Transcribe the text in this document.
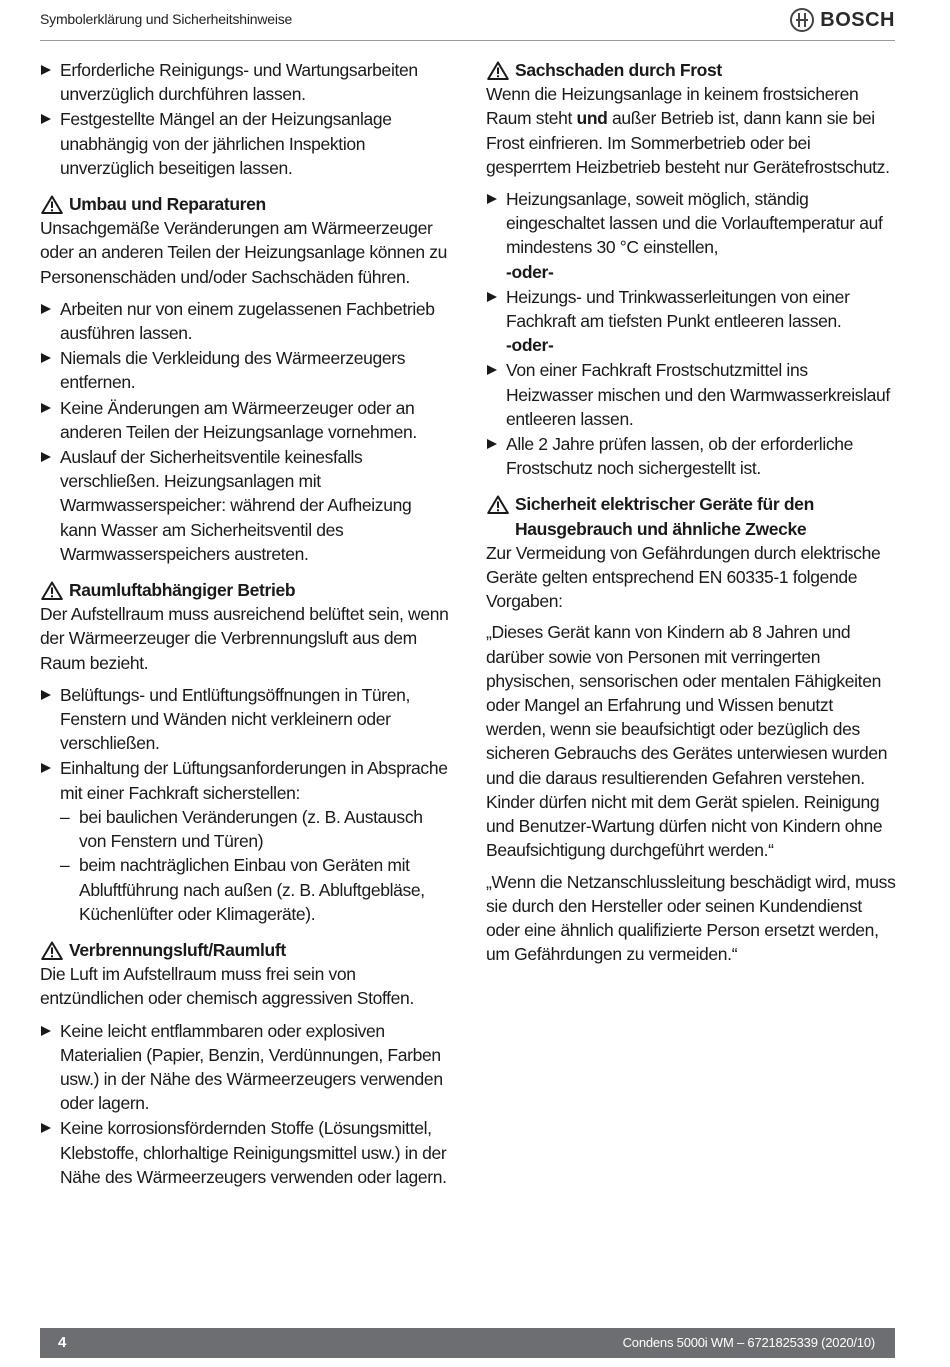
Symbolerklärung und Sicherheitshinweise	BOSCH
Erforderliche Reinigungs- und Wartungsarbeiten unverzüglich durchführen lassen.
Festgestellte Mängel an der Heizungsanlage unabhängig von der jährlichen Inspektion unverzüglich beseitigen lassen.

Umbau und Reparaturen

Unsachgemäße Veränderungen am Wärmeerzeuger oder an anderen Teilen der Heizungsanlage können zu Personenschäden und/oder Sachschäden führen.

Arbeiten nur von einem zugelassenen Fachbetrieb ausführen lassen.
Niemals die Verkleidung des Wärmeerzeugers entfernen.
Keine Änderungen am Wärmeerzeuger oder an anderen Teilen der Heizungsanlage vornehmen.
Auslauf der Sicherheitsventile keinesfalls verschließen. Heizungsanlagen mit Warmwasserspeicher: während der Aufheizung kann Wasser am Sicherheitsventil des Warmwasserspeichers austreten.

Raumluftabhängiger Betrieb

Der Aufstellraum muss ausreichend belüftet sein, wenn der Wärmeerzeuger die Verbrennungsluft aus dem Raum bezieht.

Belüftungs- und Entlüftungsöffnungen in Türen, Fenstern und Wänden nicht verkleinern oder verschließen.
Einhaltung der Lüftungsanforderungen in Absprache mit einer Fachkraft sicherstellen:
– bei baulichen Veränderungen (z. B. Austausch von Fenstern und Türen)
– beim nachträglichen Einbau von Geräten mit Abluftführung nach außen (z. B. Abluftgebläse, Küchenlüfter oder Klimageräte).

Verbrennungsluft/Raumluft

Die Luft im Aufstellraum muss frei sein von entzündlichen oder chemisch aggressiven Stoffen.

Keine leicht entflammbaren oder explosiven Materialien (Papier, Benzin, Verdünnungen, Farben usw.) in der Nähe des Wärmeerzeugers verwenden oder lagern.
Keine korrosionsfördernden Stoffe (Lösungsmittel, Klebstoffe, chlorhaltige Reinigungsmittel usw.) in der Nähe des Wärmeerzeugers verwenden oder lagern.

Sachschaden durch Frost

Wenn die Heizungsanlage in keinem frostsicheren Raum steht und außer Betrieb ist, dann kann sie bei Frost einfrieren. Im Sommerbetrieb oder bei gesperrtem Heizbetrieb besteht nur Gerätefrostschutz.

Heizungsanlage, soweit möglich, ständig eingeschaltet lassen und die Vorlauftemperatur auf mindestens 30 °C einstellen,
-oder-
Heizungs- und Trinkwasserleitungen von einer Fachkraft am tiefsten Punkt entleeren lassen.
-oder-
Von einer Fachkraft Frostschutzmittel ins Heizwasser mischen und den Warmwasserkreislauf entleeren lassen.
Alle 2 Jahre prüfen lassen, ob der erforderliche Frostschutz noch sichergestellt ist.

Sicherheit elektrischer Geräte für den Hausgebrauch und ähnliche Zwecke

Zur Vermeidung von Gefährdungen durch elektrische Geräte gelten entsprechend EN 60335-1 folgende Vorgaben:

„Dieses Gerät kann von Kindern ab 8 Jahren und darüber sowie von Personen mit verringerten physischen, sensorischen oder mentalen Fähigkeiten oder Mangel an Erfahrung und Wissen benutzt werden, wenn sie beaufsichtigt oder bezüglich des sicheren Gebrauchs des Gerätes unterwiesen wurden und die daraus resultierenden Gefahren verstehen. Kinder dürfen nicht mit dem Gerät spielen. Reinigung und Benutzer-Wartung dürfen nicht von Kindern ohne Beaufsichtigung durchgeführt werden.“

„Wenn die Netzanschlussleitung beschädigt wird, muss sie durch den Hersteller oder seinen Kundendienst oder eine ähnlich qualifizierte Person ersetzt werden, um Gefährdungen zu vermeiden.“

4	Condens 5000i WM – 6721825339 (2020/10)
